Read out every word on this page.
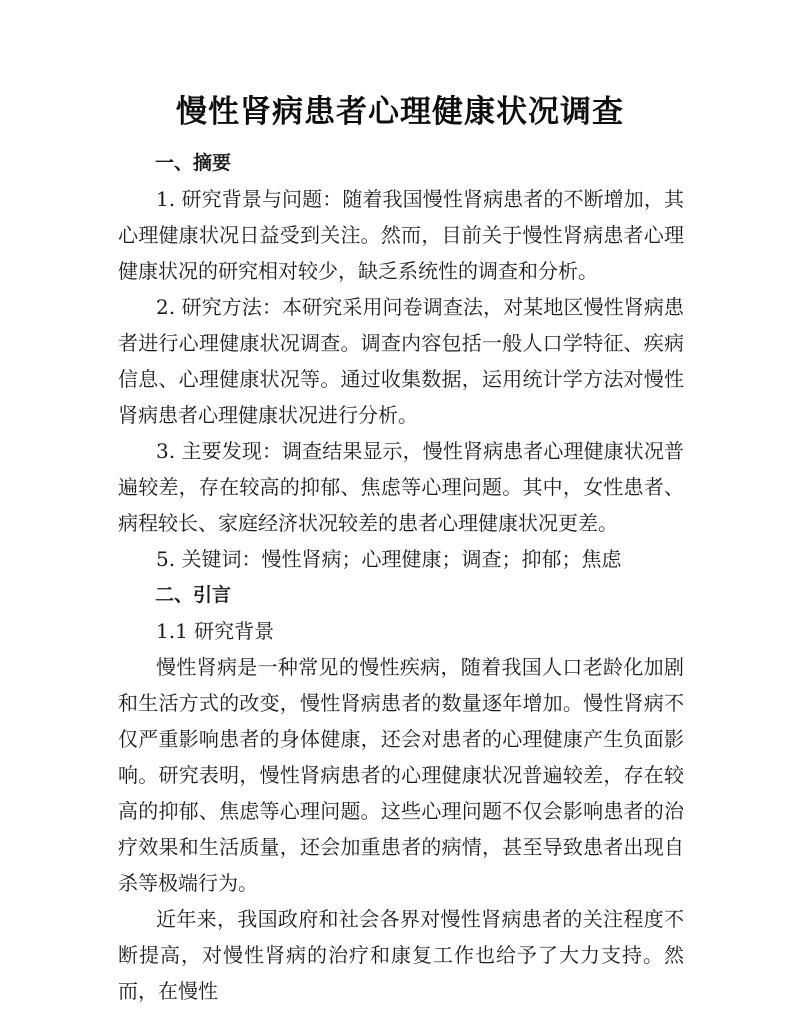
慢性肾病患者心理健康状况调查

一、摘要

1. 研究背景与问题：随着我国慢性肾病患者的不断增加，其心理健康状况日益受到关注。然而，目前关于慢性肾病患者心理健康状况的研究相对较少，缺乏系统性的调查和分析。

2. 研究方法：本研究采用问卷调查法，对某地区慢性肾病患者进行心理健康状况调查。调查内容包括一般人口学特征、疾病信息、心理健康状况等。通过收集数据，运用统计学方法对慢性肾病患者心理健康状况进行分析。

3. 主要发现：调查结果显示，慢性肾病患者心理健康状况普遍较差，存在较高的抑郁、焦虑等心理问题。其中，女性患者、病程较长、家庭经济状况较差的患者心理健康状况更差。

5. 关键词：慢性肾病；心理健康；调查；抑郁；焦虑

二、引言

1.1 研究背景

慢性肾病是一种常见的慢性疾病，随着我国人口老龄化加剧和生活方式的改变，慢性肾病患者的数量逐年增加。慢性肾病不仅严重影响患者的身体健康，还会对患者的心理健康产生负面影响。研究表明，慢性肾病患者的心理健康状况普遍较差，存在较高的抑郁、焦虑等心理问题。这些心理问题不仅会影响患者的治疗效果和生活质量，还会加重患者的病情，甚至导致患者出现自杀等极端行为。

近年来，我国政府和社会各界对慢性肾病患者的关注程度不断提高，对慢性肾病的治疗和康复工作也给予了大力支持。然而，在慢性
